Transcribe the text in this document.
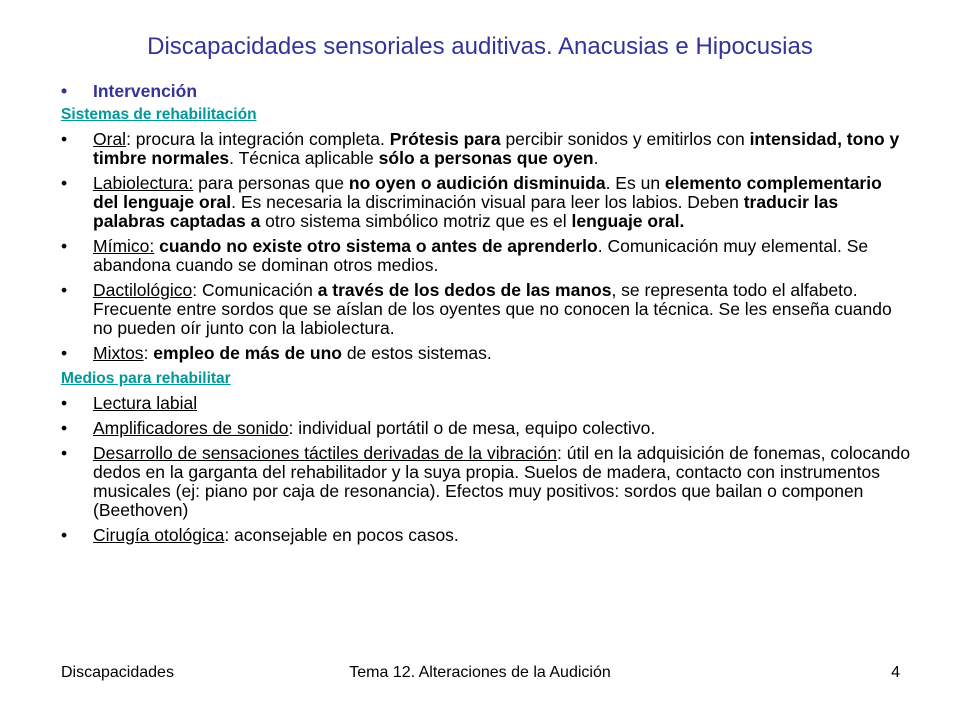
Discapacidades sensoriales auditivas. Anacusias e Hipocusias
• Intervención
Sistemas de rehabilitación
• Oral: procura la integración completa. Prótesis para percibir sonidos y emitirlos con intensidad, tono y timbre normales. Técnica aplicable sólo a personas que oyen.
• Labiolectura: para personas que no oyen o audición disminuida. Es un elemento complementario del lenguaje oral. Es necesaria la discriminación visual para leer los labios. Deben traducir las palabras captadas a otro sistema simbólico motriz que es el lenguaje oral.
• Mímico: cuando no existe otro sistema o antes de aprenderlo. Comunicación muy elemental. Se abandona cuando se dominan otros medios.
• Dactilológico: Comunicación a través de los dedos de las manos, se representa todo el alfabeto. Frecuente entre sordos que se aíslan de los oyentes que no conocen la técnica. Se les enseña cuando no pueden oír junto con la labiolectura.
• Mixtos: empleo de más de uno de estos sistemas.
Medios para rehabilitar
• Lectura labial
• Amplificadores de sonido: individual portátil o de mesa, equipo colectivo.
• Desarrollo de sensaciones táctiles derivadas de la vibración: útil en la adquisición de fonemas, colocando dedos en la garganta del rehabilitador y la suya propia. Suelos de madera, contacto con instrumentos musicales (ej: piano por caja de resonancia). Efectos muy positivos: sordos que bailan o componen (Beethoven)
• Cirugía otológica: aconsejable en pocos casos.
Discapacidades	Tema 12. Alteraciones de la Audición	4
